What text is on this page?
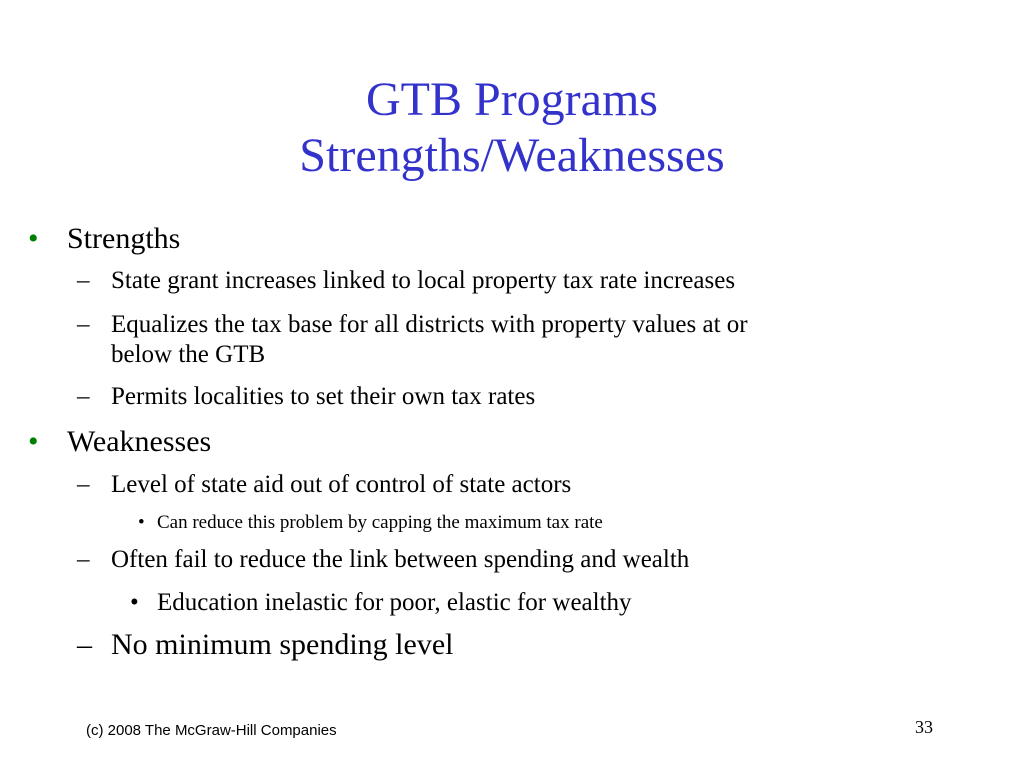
GTB Programs
Strengths/Weaknesses
• Strengths
– State grant increases linked to local property tax rate increases
– Equalizes the tax base for all districts with property values at or
below the GTB
– Permits localities to set their own tax rates
• Weaknesses
– Level of state aid out of control of state actors
• Can reduce this problem by capping the maximum tax rate
– Often fail to reduce the link between spending and wealth
• Education inelastic for poor, elastic for wealthy
– No minimum spending level
(c) 2008 The McGraw-Hill Companies	33
